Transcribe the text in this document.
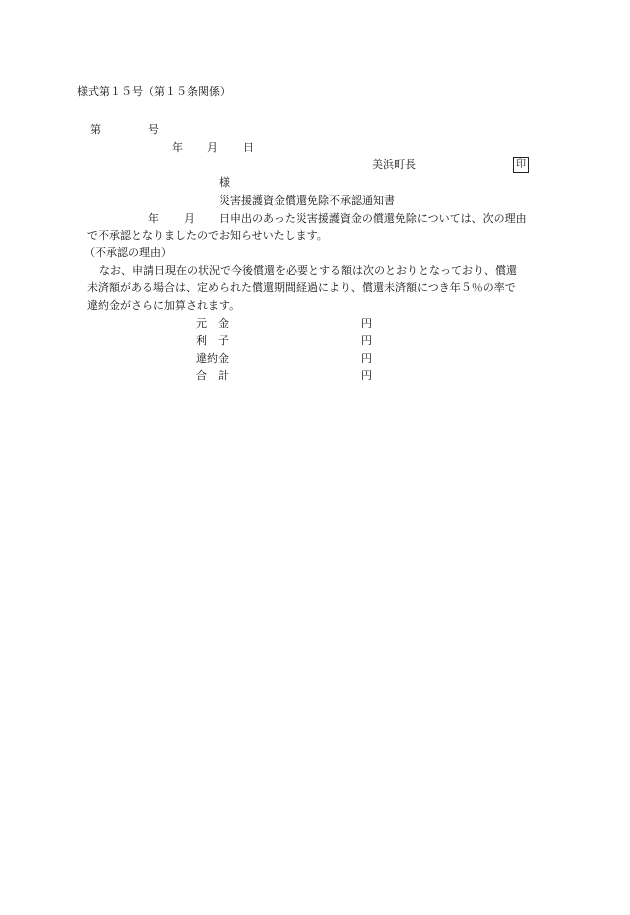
様式第１５号（第１５条関係）
第	号
年 月 日
美浜町長	印
様
災害援護資金償還免除不承認通知書
年 月 日申出のあった災害援護資金の償還免除については、次の理由
で不承認となりましたのでお知らせいたします。
（不承認の理由）
なお、申請日現在の状況で今後償還を必要とする額は次のとおりとなっており、償還
未済額がある場合は、定められた償還期間経過により、償還未済額につき年５％の率で
違約金がさらに加算されます。
元　金	円
利　子	円
違約金	円
合　計	円
